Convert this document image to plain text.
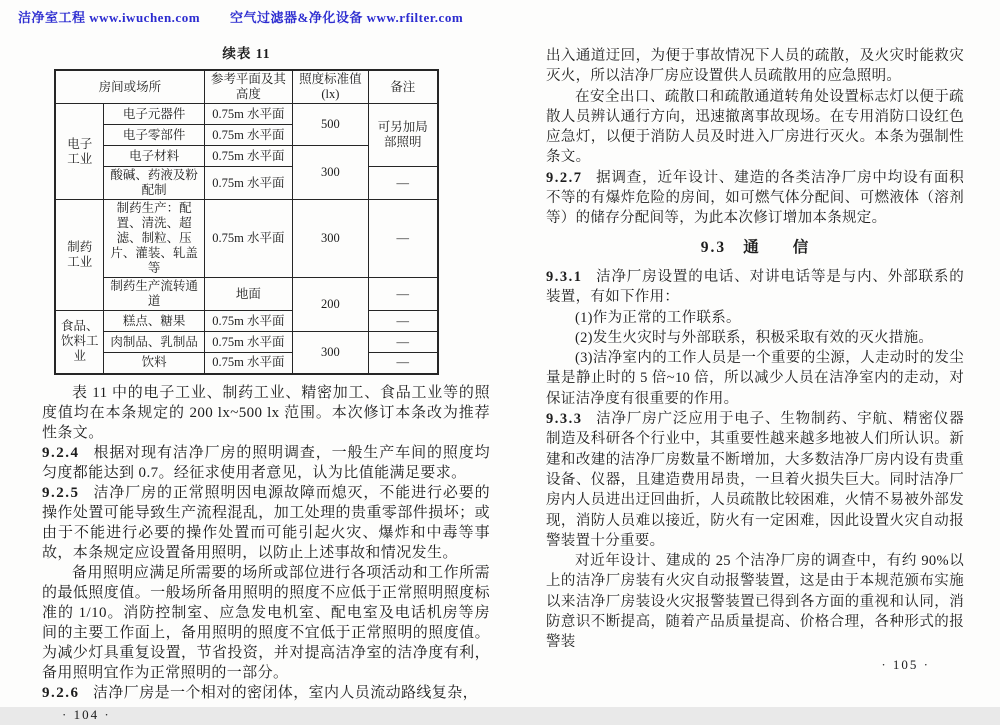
洁净室工程 www.iwuchen.com 空气过滤器&净化设备 www.rfilter.com
续表 11
房间或场所		参考平面及其高度	照度标准值(lx)	备注
电子工业	电子元器件	0.75m 水平面	500	可另加局部照明
	电子零部件	0.75m 水平面		
	电子材料	0.75m 水平面	300	
	酸碱、药液及粉配制	0.75m 水平面		—
制药工业	制药生产：配置、清洗、超滤、制粒、压片、灌装、轧盖等	0.75m 水平面	300	—
	制药生产流转通道	地面	200	—
食品、饮料工业	糕点、糖果	0.75m 水平面		—
	肉制品、乳制品	0.75m 水平面	300	—
	饮料	0.75m 水平面		—

表 11 中的电子工业、制药工业、精密加工、食品工业等的照度值均在本条规定的 200 lx~500 lx 范围。本次修订本条改为推荐性条文。

9.2.4 根据对现有洁净厂房的照明调查，一般生产车间的照度均匀度都能达到 0.7。经征求使用者意见，认为比值能满足要求。

9.2.5 洁净厂房的正常照明因电源故障而熄灭，不能进行必要的操作处置可能导致生产流程混乱，加工处理的贵重零部件损坏；或由于不能进行必要的操作处置而可能引起火灾、爆炸和中毒等事故，本条规定应设置备用照明，以防止上述事故和情况发生。

备用照明应满足所需要的场所或部位进行各项活动和工作所需的最低照度值。一般场所备用照明的照度不应低于正常照明照度标准的 1/10。消防控制室、应急发电机室、配电室及电话机房等房间的主要工作面上，备用照明的照度不宜低于正常照明的照度值。为减少灯具重复设置，节省投资，并对提高洁净室的洁净度有利，备用照明宜作为正常照明的一部分。

9.2.6 洁净厂房是一个相对的密闭体，室内人员流动路线复杂，

· 104 ·

出入通道迂回，为便于事故情况下人员的疏散，及火灾时能救灾灭火，所以洁净厂房应设置供人员疏散用的应急照明。

在安全出口、疏散口和疏散通道转角处设置标志灯以便于疏散人员辨认通行方向，迅速撤离事故现场。在专用消防口设红色应急灯，以便于消防人员及时进入厂房进行灭火。本条为强制性条文。

9.2.7 据调查，近年设计、建造的各类洁净厂房中均设有面积不等的有爆炸危险的房间，如可燃气体分配间、可燃液体（溶剂等）的储存分配间等，为此本次修订增加本条规定。

9.3 通　　信

9.3.1 洁净厂房设置的电话、对讲电话等是与内、外部联系的装置，有如下作用：

(1)作为正常的工作联系。

(2)发生火灾时与外部联系，积极采取有效的灭火措施。

(3)洁净室内的工作人员是一个重要的尘源，人走动时的发尘量是静止时的 5 倍~10 倍，所以减少人员在洁净室内的走动，对保证洁净度有很重要的作用。

9.3.3 洁净厂房广泛应用于电子、生物制药、宇航、精密仪器制造及科研各个行业中，其重要性越来越多地被人们所认识。新建和改建的洁净厂房数量不断增加，大多数洁净厂房内设有贵重设备、仪器，且建造费用昂贵，一旦着火损失巨大。同时洁净厂房内人员进出迂回曲折，人员疏散比较困难，火情不易被外部发现，消防人员难以接近，防火有一定困难，因此设置火灾自动报警装置十分重要。

对近年设计、建成的 25 个洁净厂房的调查中，有约 90%以上的洁净厂房装有火灾自动报警装置，这是由于本规范颁布实施以来洁净厂房装设火灾报警装置已得到各方面的重视和认同，消防意识不断提高，随着产品质量提高、价格合理，各种形式的报警装

· 105 ·
